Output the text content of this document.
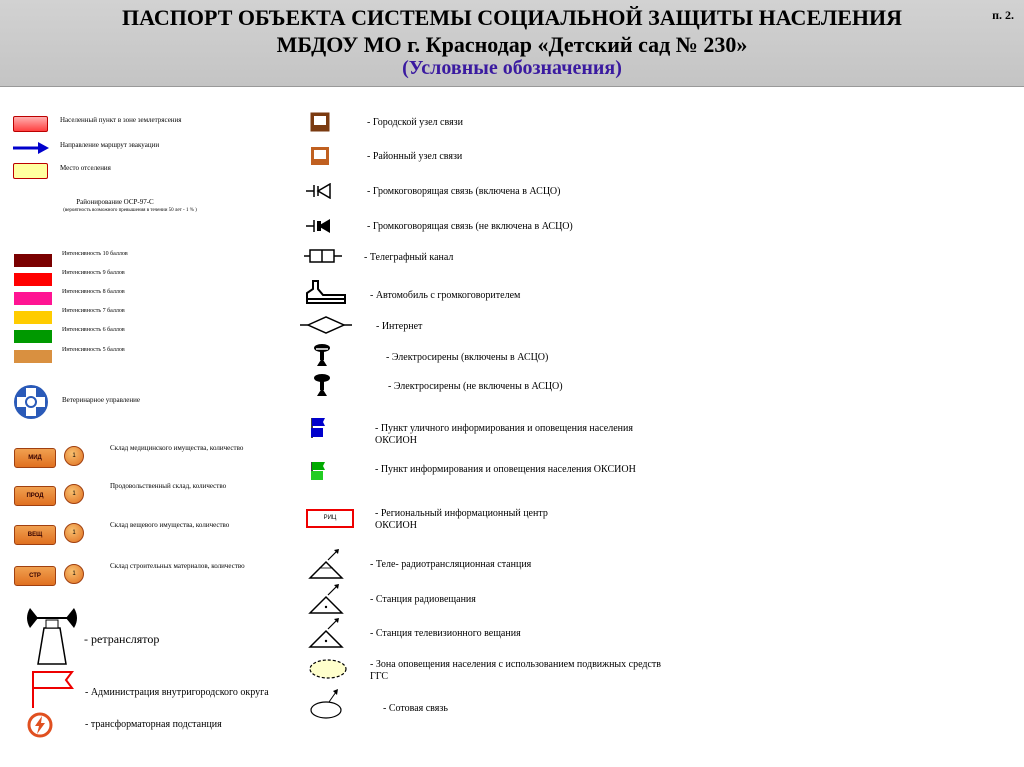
ПАСПОРТ ОБЪЕКТА СИСТЕМЫ СОЦИАЛЬНОЙ ЗАЩИТЫ НАСЕЛЕНИЯ
МБДОУ МО г. Краснодар «Детский сад № 230»
(Условные обозначения)
п. 2.
Населенный пункт в зоне землетрясения
Направление маршрут эвакуации
Место отселения
Районирование ОСР-97-С
(вероятность возможного превышения в течении 50 лет - 1 % )
Интенсивность 10 баллов
Интенсивность 9 баллов
Интенсивность 8 баллов
Интенсивность 7 баллов
Интенсивность 6 баллов
Интенсивность 5 баллов
Ветеринарное управление
МИД	1
Склад медицинского имущества, количество
ПРОД	1
Продовольственный склад, количество
ВЕЩ	1
Склад вещевого имущества, количество
СТР	1
Склад строительных материалов, количество
- ретранслятор
- Администрация внутригородского округа
- трансформаторная подстанция
- Городской узел связи
- Районный узел связи
- Громкоговорящая связь (включена в АСЦО)
- Громкоговорящая связь (не включена в АСЦО)
- Телеграфный канал
- Автомобиль с громкоговорителем
- Интернет
- Электросирены (включены в АСЦО)
- Электросирены (не включены в АСЦО)
- Пункт уличного информирования и оповещения населения
ОКСИОН
- Пункт информирования и оповещения населения ОКСИОН
РИЦ	- Региональный информационный центр
ОКСИОН
- Теле- радиотрансляционная станция
- Станция радиовещания
- Станция телевизионного вещания
- Зона оповещения населения с использованием подвижных средств
ГГС
- Сотовая связь
